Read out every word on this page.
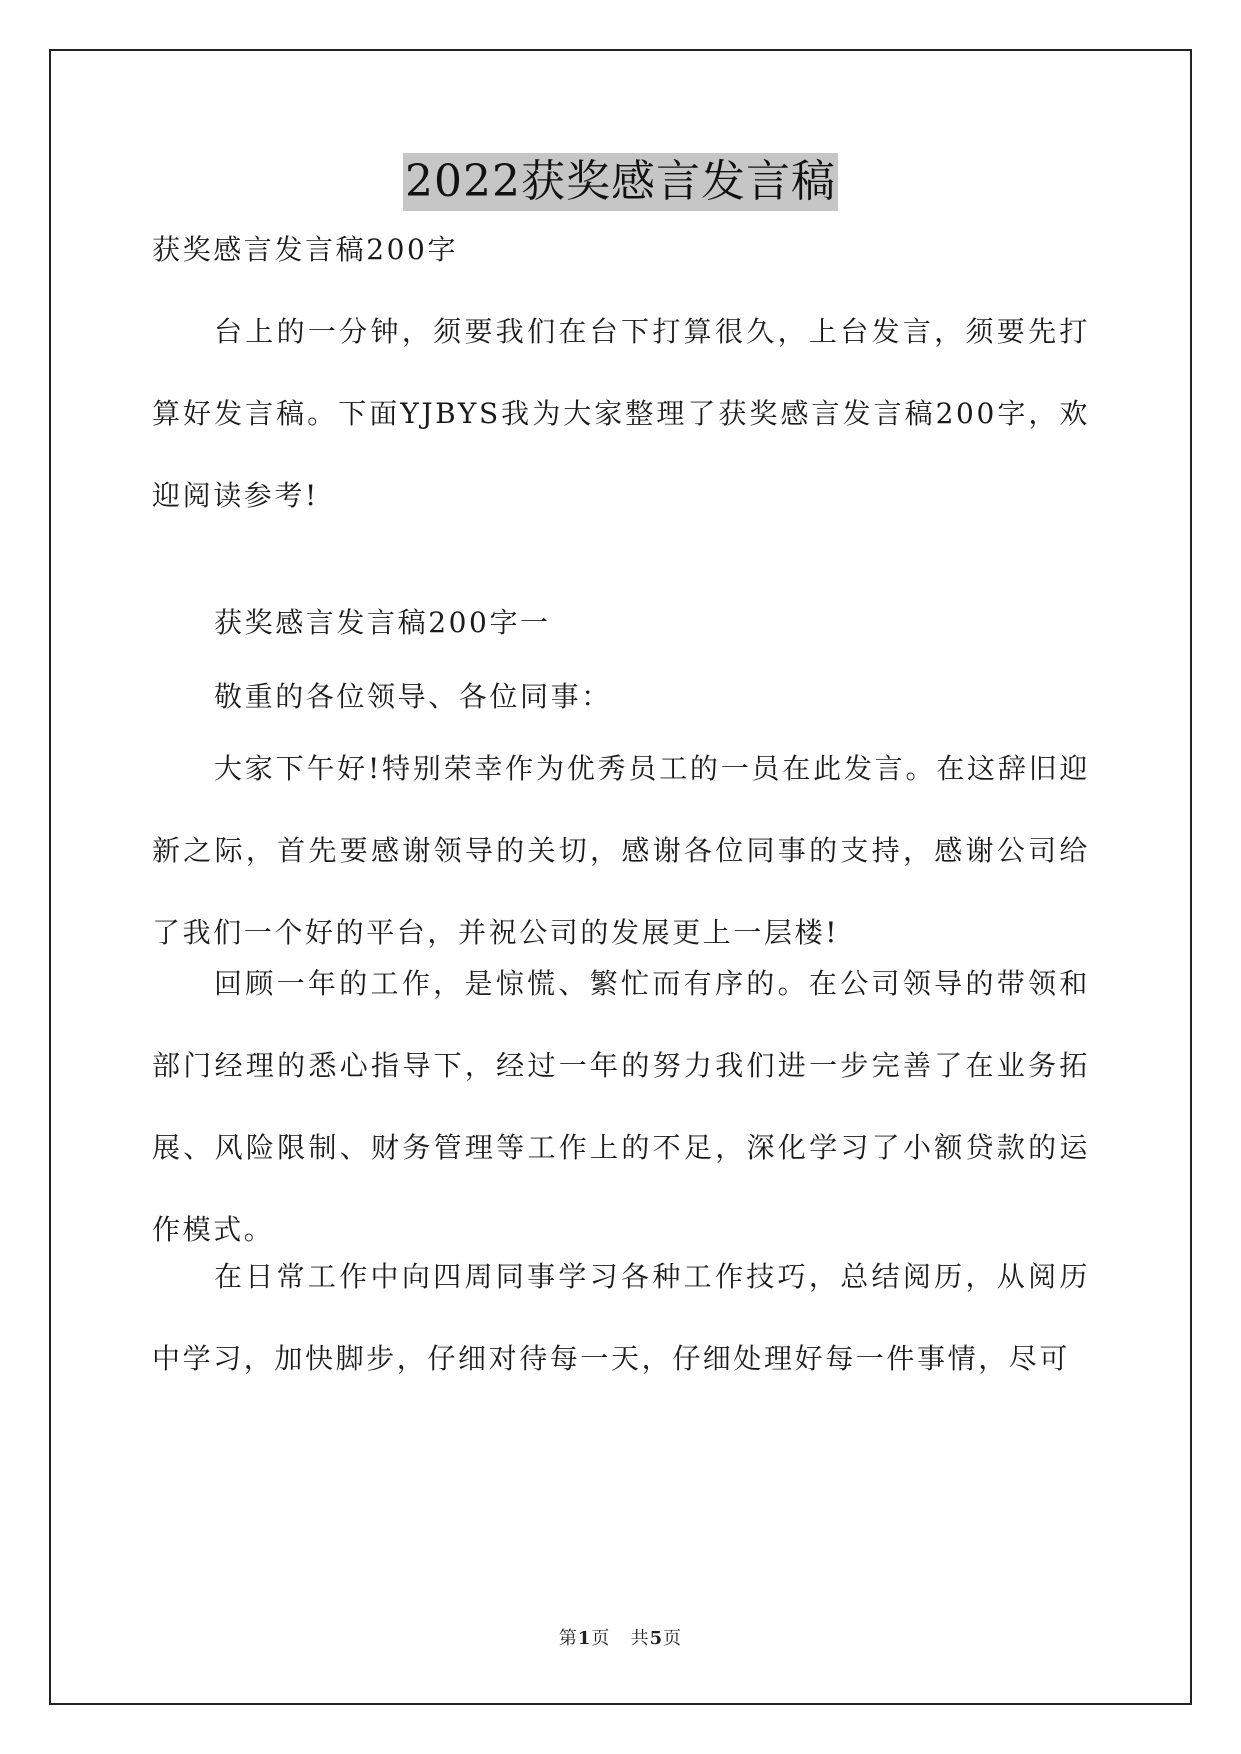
2022获奖感言发言稿

获奖感言发言稿200字

台上的一分钟，须要我们在台下打算很久，上台发言，须要先打算好发言稿。下面YJBYS我为大家整理了获奖感言发言稿200字，欢迎阅读参考!

获奖感言发言稿200字一

敬重的各位领导、各位同事：

大家下午好!特别荣幸作为优秀员工的一员在此发言。在这辞旧迎新之际，首先要感谢领导的关切，感谢各位同事的支持，感谢公司给了我们一个好的平台，并祝公司的发展更上一层楼!

回顾一年的工作，是惊慌、繁忙而有序的。在公司领导的带领和部门经理的悉心指导下，经过一年的努力我们进一步完善了在业务拓展、风险限制、财务管理等工作上的不足，深化学习了小额贷款的运作模式。

在日常工作中向四周同事学习各种工作技巧，总结阅历，从阅历中学习，加快脚步，仔细对待每一天，仔细处理好每一件事情，尽可

第1页 共5页
